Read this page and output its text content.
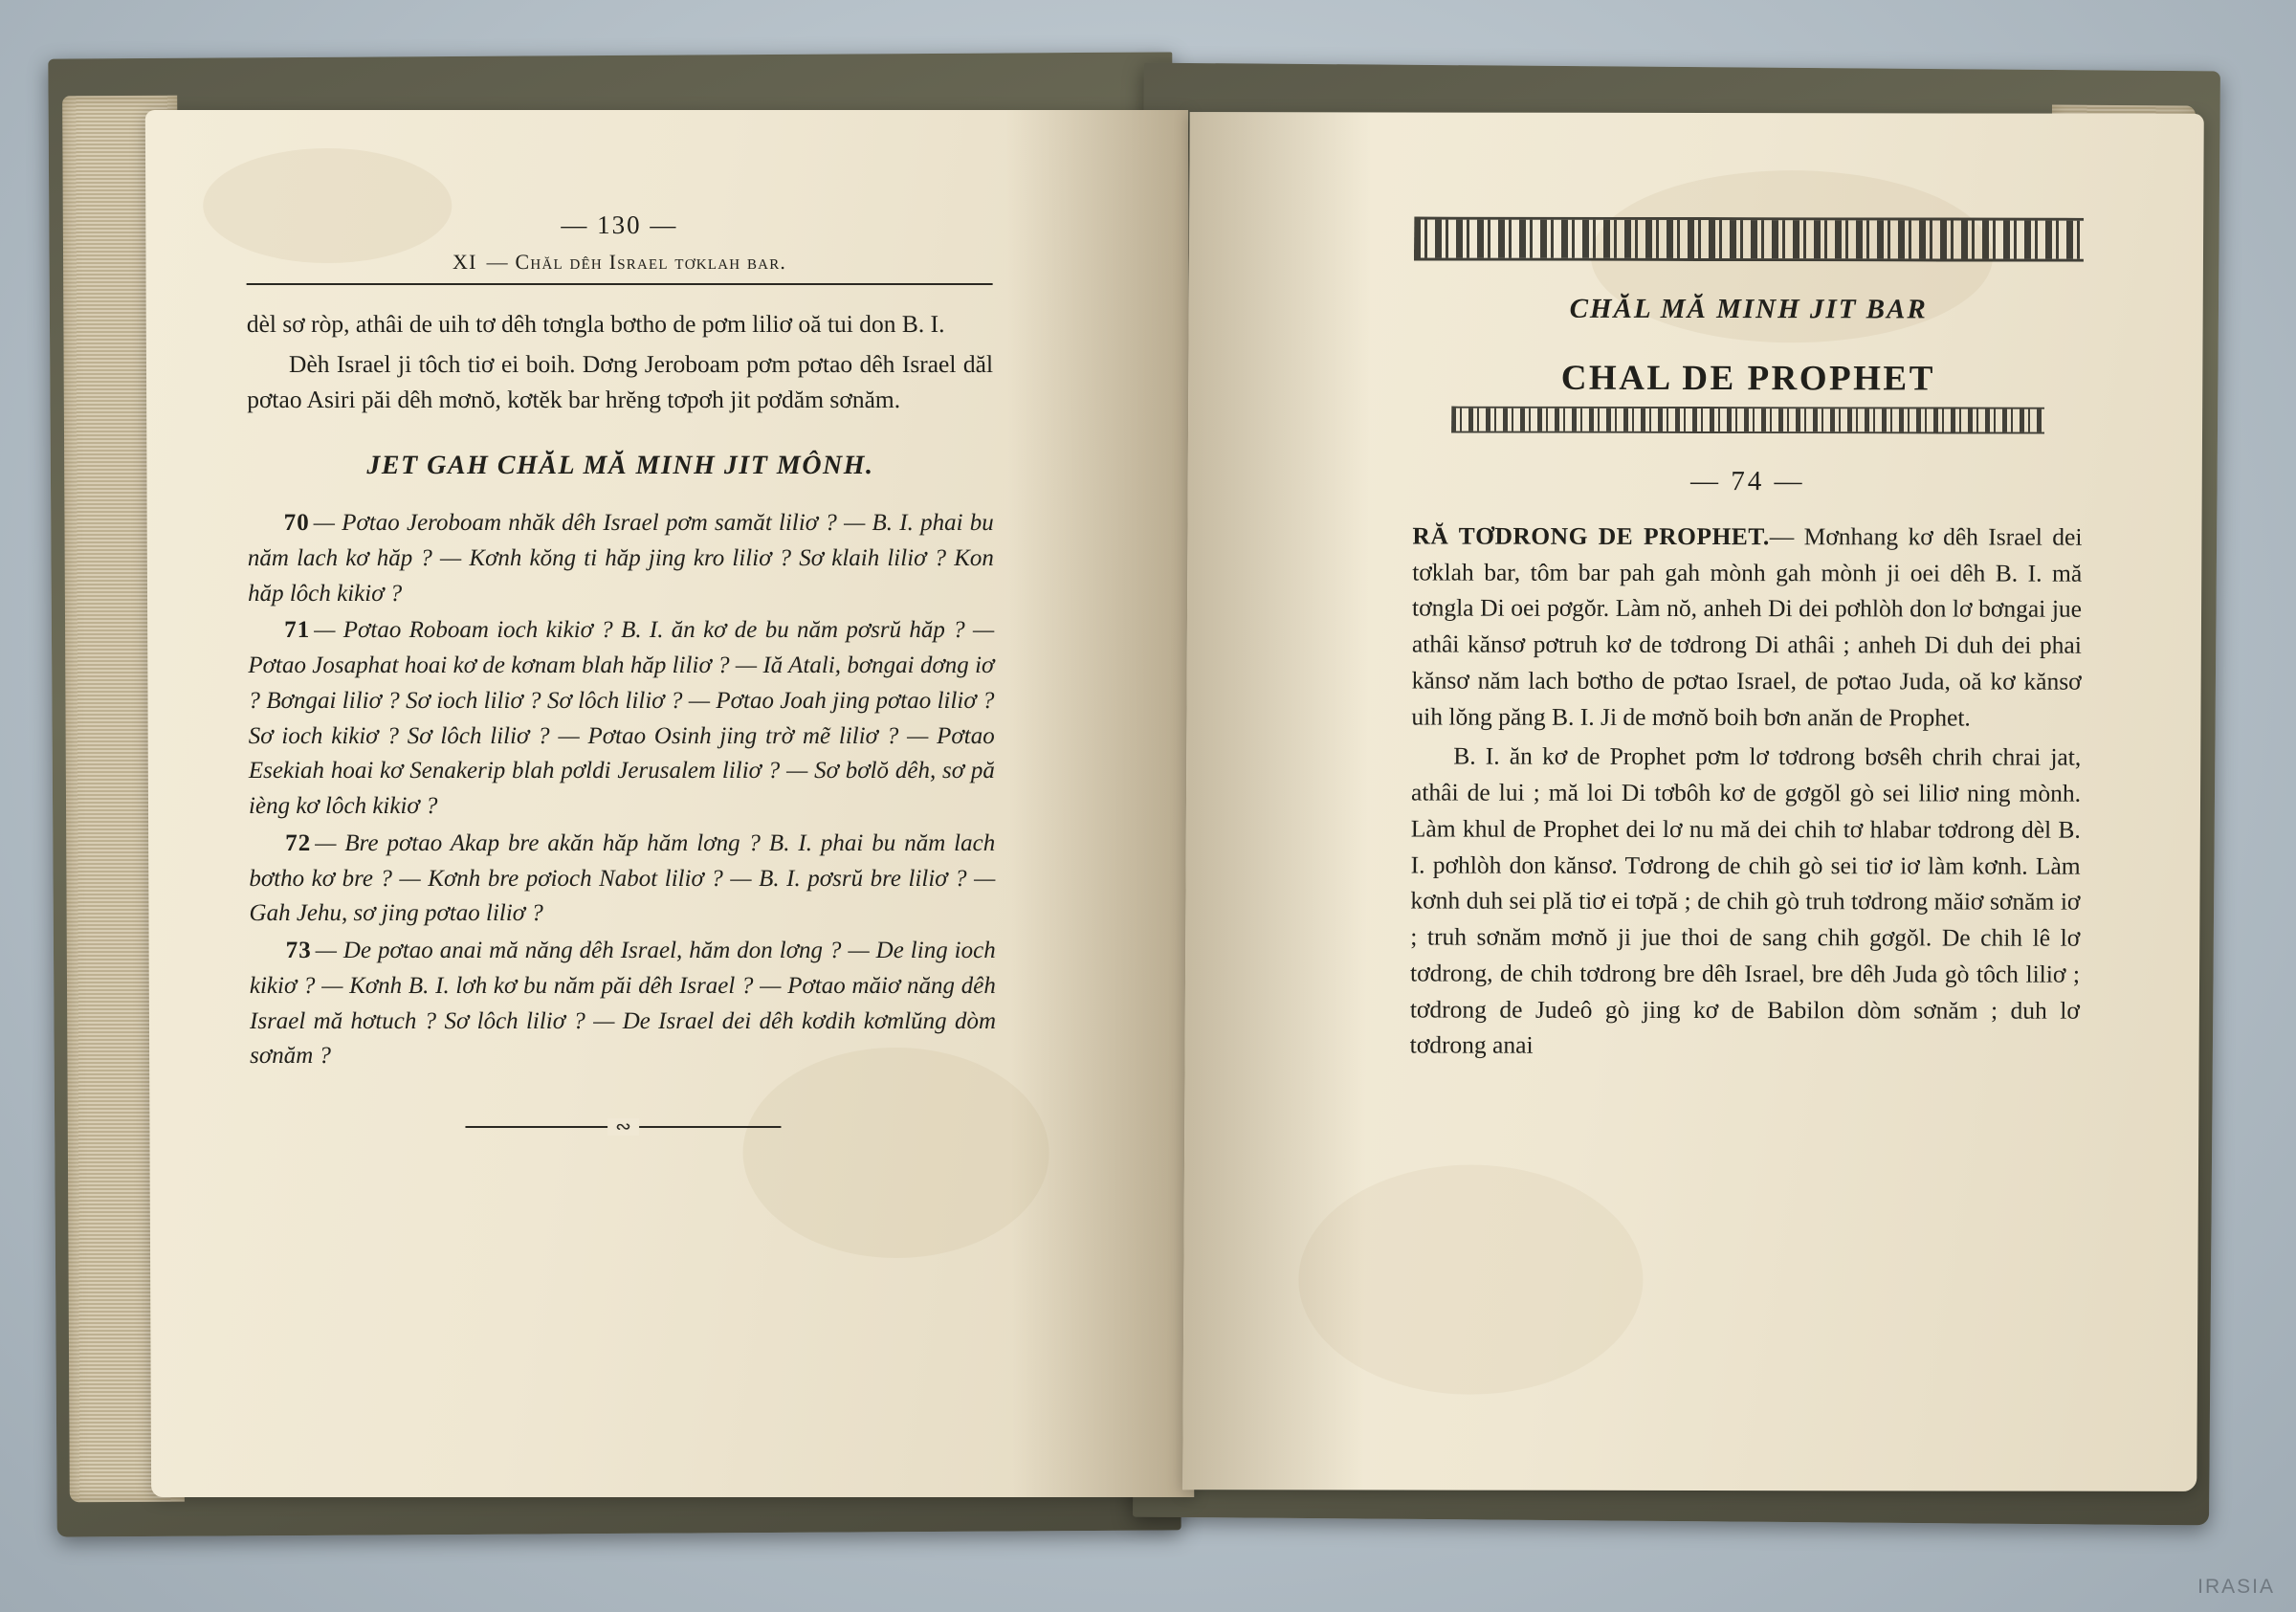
— 130 —
XI — Chăl dêh Israel tơklah bar.

dèl sơ ròp, athâi de uih tơ dêh tơngla bơtho de pơm liliơ oă tui don B. I.

Dèh Israel ji tôch tiơ ei boih. Dơng Jeroboam pơm pơtao dêh Israel dăl pơtao Asiri păi dêh mơnŏ, kơtĕk bar hrĕng tơpơh jit pơdăm sơnăm.

JET GAH CHĂL MĂ MINH JIT MÔNH.

70 — Pơtao Jeroboam nhăk dêh Israel pơm samăt liliơ ? — B. I. phai bu năm lach kơ hăp ? — Kơnh kŏng ti hăp jing kro liliơ ? Sơ klaih liliơ ? Kon hăp lôch kikiơ ?

71 — Pơtao Roboam ioch kikiơ ? B. I. ăn kơ de bu năm pơsrŭ hăp ? — Pơtao Josaphat hoai kơ de kơnam blah hăp liliơ ? — Iă Atali, bơngai dơng iơ ? Bơngai liliơ ? Sơ ioch liliơ ? Sơ lôch liliơ ? — Pơtao Joah jing pơtao liliơ ? Sơ ioch kikiơ ? Sơ lôch liliơ ? — Pơtao Osinh jing trờ mẽ liliơ ? — Pơtao Esekiah hoai kơ Senakerip blah pơldi Jerusalem liliơ ? — Sơ bơlŏ dêh, sơ pă ièng kơ lôch kikiơ ?

72 — Bre pơtao Akap bre akăn hăp hăm lơng ? B. I. phai bu năm lach bơtho kơ bre ? — Kơnh bre pơioch Nabot liliơ ? — B. I. pơsrŭ bre liliơ ? — Gah Jehu, sơ jing pơtao liliơ ?

73 — De pơtao anai mă năng dêh Israel, hăm don lơng ? — De ling ioch kikiơ ? — Kơnh B. I. lơh kơ bu năm păi dêh Israel ? — Pơtao măiơ năng dêh Israel mă hơtuch ? Sơ lôch liliơ ? — De Israel dei dêh kơdih kơmlŭng dòm sơnăm ?

∾
CHĂL MĂ MINH JIT BAR
CHAL DE PROPHET
— 74 —

RĂ TƠDRONG DE PROPHET.— Mơnhang kơ dêh Israel dei tơklah bar, tôm bar pah gah mònh gah mònh ji oei dêh B. I. mă tơngla Di oei pơgŏr. Làm nŏ, anheh Di dei pơhlòh don lơ bơngai jue athâi kănsơ pơtruh kơ de tơdrong Di athâi ; anheh Di duh dei phai kănsơ năm lach bơtho de pơtao Israel, de pơtao Juda, oă kơ kănsơ uih lŏng păng B. I. Ji de mơnŏ boih bơn anăn de Prophet.

B. I. ăn kơ de Prophet pơm lơ tơdrong bơsêh chrih chrai jat, athâi de lui ; mă loi Di tơbôh kơ de gơgŏl gò sei liliơ ning mònh. Làm khul de Prophet dei lơ nu mă dei chih tơ hlabar tơdrong dèl B. I. pơhlòh don kănsơ. Tơdrong de chih gò sei tiơ iơ làm kơnh. Làm kơnh duh sei plă tiơ ei tơpă ; de chih gò truh tơdrong măiơ sơnăm iơ ; truh sơnăm mơnŏ ji jue thoi de sang chih gơgŏl. De chih lê lơ tơdrong, de chih tơdrong bre dêh Israel, bre dêh Juda gò tôch liliơ ; tơdrong de Judeô gò jing kơ de Babilon dòm sơnăm ; duh lơ tơdrong anai

IRASIA
